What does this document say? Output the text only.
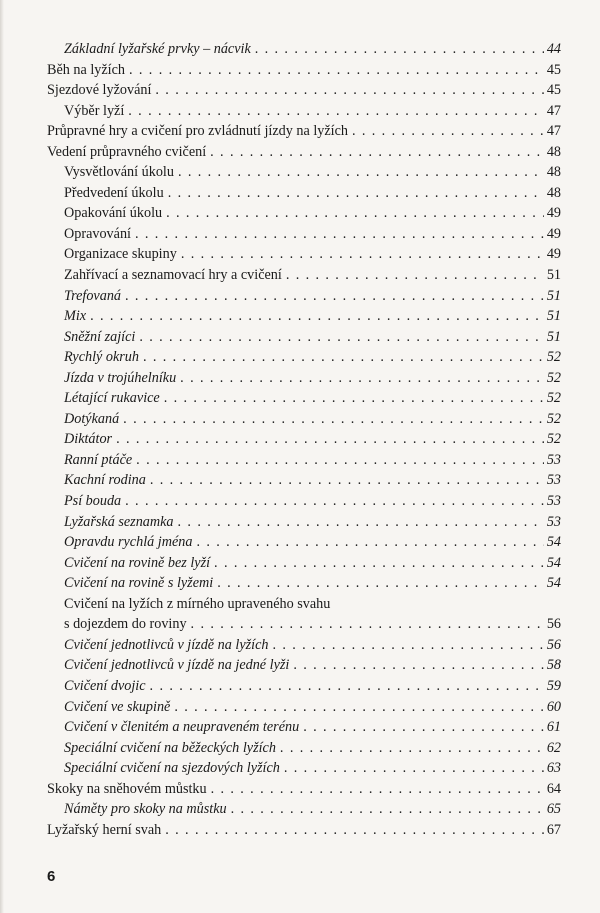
Základní lyžařské prvky – nácvik . . .	44
Běh na lyžích . . .	45
Sjezdové lyžování . . .	45
Výběr lyží . . .	47
Průpravné hry a cvičení pro zvládnutí jízdy na lyžích . . .	47
Vedení průpravného cvičení . . .	48
Vysvětlování úkolu . . .	48
Předvedení úkolu . . .	48
Opakování úkolu . . .	49
Opravování . . .	49
Organizace skupiny . . .	49
Zahřívací a seznamovací hry a cvičení . . .	51
Trefovaná . . .	51
Mix . . .	51
Sněžní zajíci . . .	51
Rychlý okruh . . .	52
Jízda v trojúhelníku . . .	52
Létající rukavice . . .	52
Dotýkaná . . .	52
Diktátor . . .	52
Ranní ptáče . . .	53
Kachní rodina . . .	53
Psí bouda . . .	53
Lyžařská seznamka . . .	53
Opravdu rychlá jména . . .	54
Cvičení na rovině bez lyží . . .	54
Cvičení na rovině s lyžemi . . .	54
Cvičení na lyžích z mírného upraveného svahu
s dojezdem do roviny . . .	56
Cvičení jednotlivců v jízdě na lyžích . . .	56
Cvičení jednotlivců v jízdě na jedné lyži . . .	58
Cvičení dvojic . . .	59
Cvičení ve skupině . . .	60
Cvičení v členitém a neupraveném terénu . . .	61
Speciální cvičení na běžeckých lyžích . . .	62
Speciální cvičení na sjezdových lyžích . . .	63
Skoky na sněhovém můstku . . .	64
Náměty pro skoky na můstku . . .	65
Lyžařský herní svah . . .	67
6
